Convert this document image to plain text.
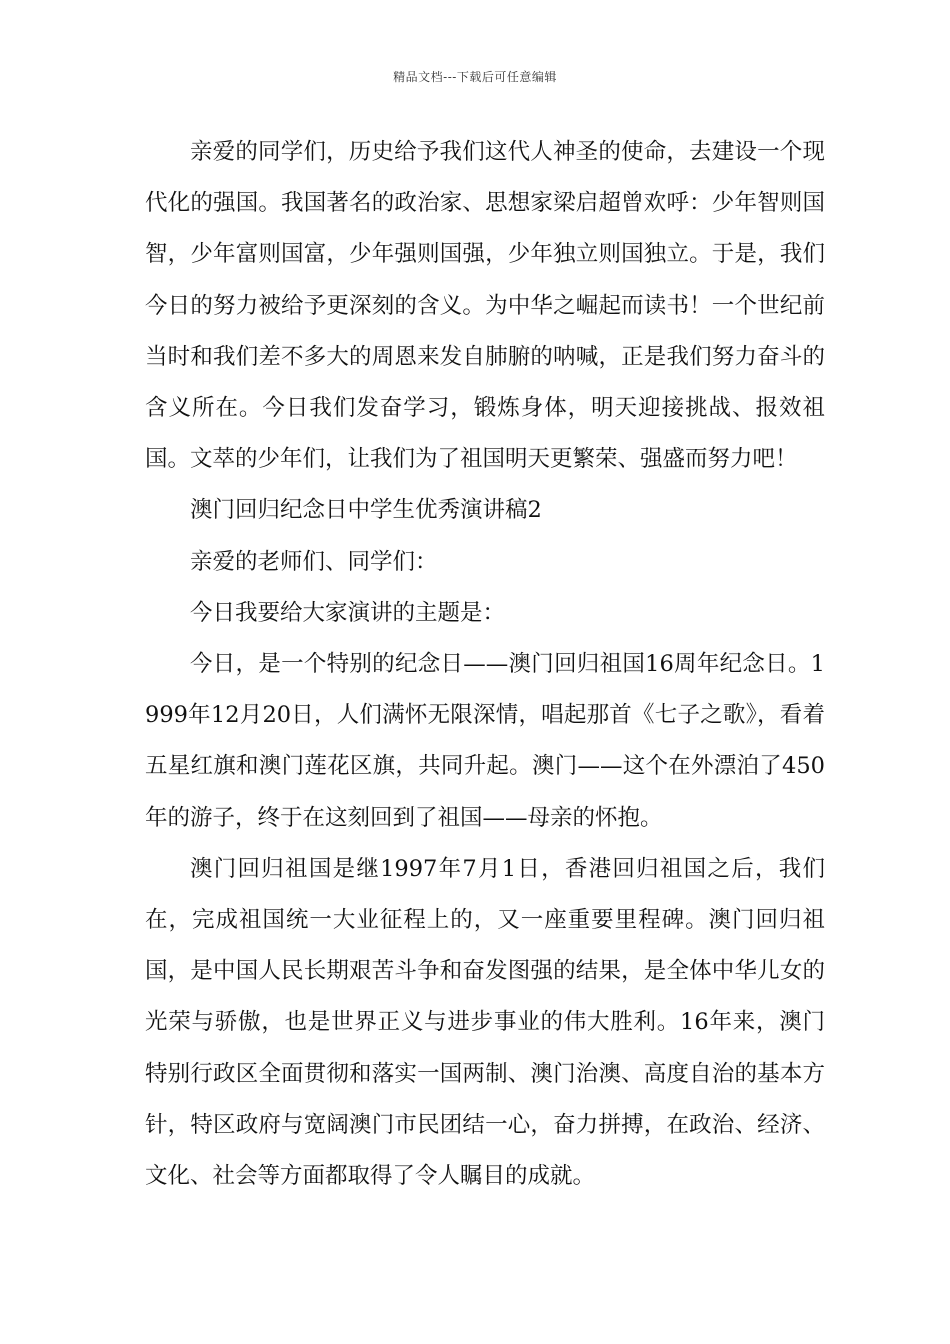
精品文档---下载后可任意编辑

亲爱的同学们，历史给予我们这代人神圣的使命，去建设一个现代化的强国。我国著名的政治家、思想家梁启超曾欢呼：少年智则国智，少年富则国富，少年强则国强，少年独立则国独立。于是，我们今日的努力被给予更深刻的含义。为中华之崛起而读书！一个世纪前当时和我们差不多大的周恩来发自肺腑的呐喊，正是我们努力奋斗的含义所在。今日我们发奋学习，锻炼身体，明天迎接挑战、报效祖国。文萃的少年们，让我们为了祖国明天更繁荣、强盛而努力吧！

澳门回归纪念日中学生优秀演讲稿2

亲爱的老师们、同学们：

今日我要给大家演讲的主题是：

今日，是一个特别的纪念日——澳门回归祖国16周年纪念日。1999年12月20日，人们满怀无限深情，唱起那首《七子之歌》，看着五星红旗和澳门莲花区旗，共同升起。澳门——这个在外漂泊了450年的游子，终于在这刻回到了祖国——母亲的怀抱。

澳门回归祖国是继1997年7月1日，香港回归祖国之后，我们在，完成祖国统一大业征程上的，又一座重要里程碑。澳门回归祖国，是中国人民长期艰苦斗争和奋发图强的结果，是全体中华儿女的光荣与骄傲，也是世界正义与进步事业的伟大胜利。16年来，澳门特别行政区全面贯彻和落实一国两制、澳门治澳、高度自治的基本方针，特区政府与宽阔澳门市民团结一心，奋力拼搏，在政治、经济、文化、社会等方面都取得了令人瞩目的成就。
